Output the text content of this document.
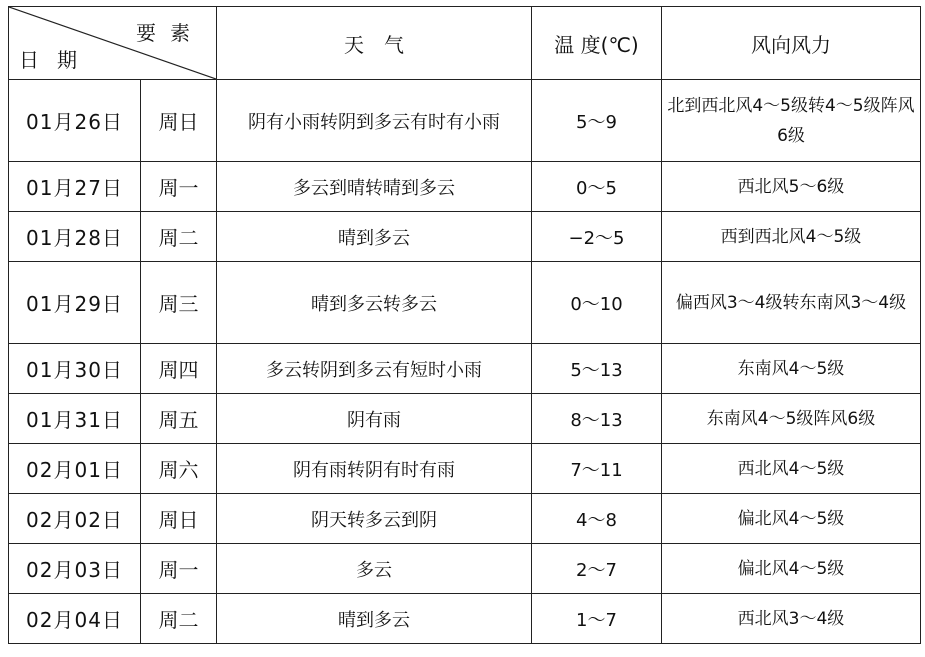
要素
日期		天　气	温 度(℃)	风向风力
01月26日	周日	阴有小雨转阴到多云有时有小雨	5～9	北到西北风4～5级转4～5级阵风6级
01月27日	周一	多云到晴转晴到多云	0～5	西北风5～6级
01月28日	周二	晴到多云	−2～5	西到西北风4～5级
01月29日	周三	晴到多云转多云	0～10	偏西风3～4级转东南风3～4级
01月30日	周四	多云转阴到多云有短时小雨	5～13	东南风4～5级
01月31日	周五	阴有雨	8～13	东南风4～5级阵风6级
02月01日	周六	阴有雨转阴有时有雨	7～11	西北风4～5级
02月02日	周日	阴天转多云到阴	4～8	偏北风4～5级
02月03日	周一	多云	2～7	偏北风4～5级
02月04日	周二	晴到多云	1～7	西北风3～4级
